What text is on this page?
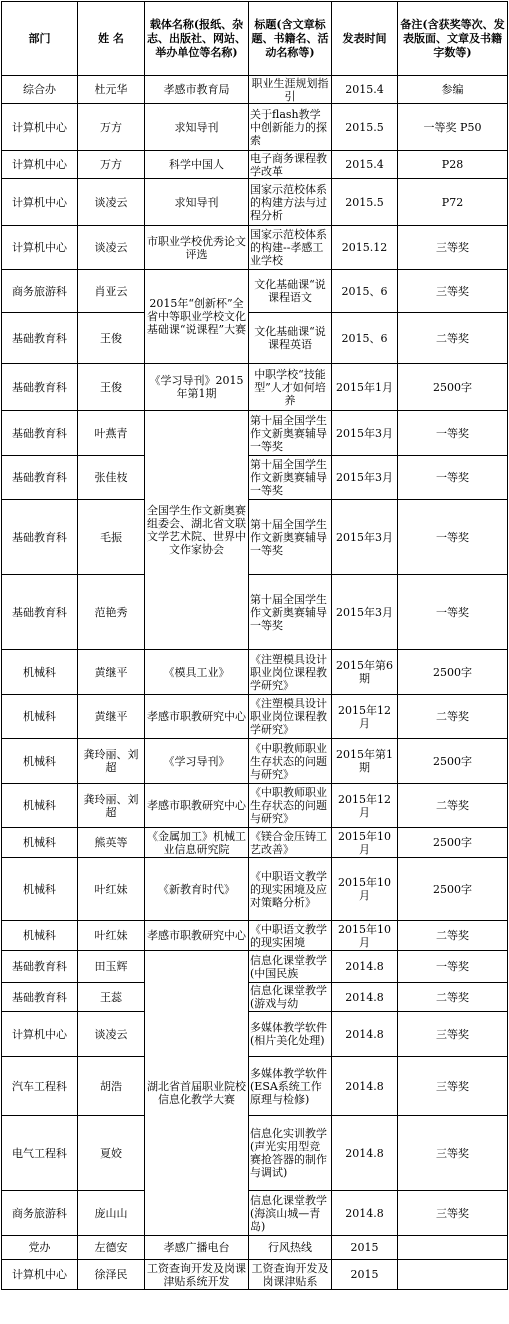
部门	姓 名	载体名称(报纸、杂志、出版社、网站、举办单位等名称)	标题(含文章标题、书籍名、活动名称等)	发表时间	备注(含获奖等次、发表版面、文章及书籍字数等)
综合办	杜元华	孝感市教育局	职业生涯规划指引	2015.4	参编
计算机中心	万方	求知导刊	关于flash教学中创新能力的探索	2015.5	一等奖 P50
计算机中心	万方	科学中国人	电子商务课程教学改革	2015.4	P28
计算机中心	谈凌云	求知导刊	国家示范校体系的构建方法与过程分析	2015.5	P72
计算机中心	谈凌云	市职业学校优秀论文评选	国家示范校体系的构建--孝感工业学校	2015.12	三等奖
商务旅游科	肖亚云	2015年“创新杯”全省中等职业学校文化基础课“说课程”大赛	文化基础课“说课程语文	2015、6	三等奖
基础教育科	王俊		文化基础课“说课程英语	2015、6	二等奖
基础教育科	王俊	《学习导刊》2015年第1期	中职学校“技能型”人才如何培养	2015年1月	2500字
基础教育科	叶燕青	全国学生作文新奥赛组委会、湖北省文联文学艺术院、世界中文作家协会	第十届全国学生作文新奥赛辅导一等奖	2015年3月	一等奖
基础教育科	张佳枝		第十届全国学生作文新奥赛辅导一等奖	2015年3月	一等奖
基础教育科	毛振		第十届全国学生作文新奥赛辅导一等奖	2015年3月	一等奖
基础教育科	范艳秀		第十届全国学生作文新奥赛辅导一等奖	2015年3月	一等奖
机械科	黄继平	《模具工业》	《注塑模具设计职业岗位课程教学研究》	2015年第6期	2500字
机械科	黄继平	孝感市职教研究中心	《注塑模具设计职业岗位课程教学研究》	2015年12月	二等奖
机械科	龚玲丽、刘超	《学习导刊》	《中职教师职业生存状态的问题与研究》	2015年第1期	2500字
机械科	龚玲丽、刘超	孝感市职教研究中心	《中职教师职业生存状态的问题与研究》	2015年12月	二等奖
机械科	熊英等	《金属加工》机械工业信息研究院	《镁合金压铸工艺改善》	2015年10月	2500字
机械科	叶红妹	《新教育时代》	《中职语文教学的现实困境及应对策略分析》	2015年10月	2500字
机械科	叶红妹	孝感市职教研究中心	《中职语文教学的现实困境	2015年10月	二等奖
基础教育科	田玉辉	湖北省首届职业院校信息化教学大赛	信息化课堂教学(中国民族	2014.8	一等奖
基础教育科	王蕊		信息化课堂教学(游戏与幼	2014.8	二等奖
计算机中心	谈凌云		多媒体教学软件(相片美化处理)	2014.8	三等奖
汽车工程科	胡浩		多媒体教学软件(ESA系统工作原理与检修)	2014.8	三等奖
电气工程科	夏姣		信息化实训教学(声光实用型竞赛抢答器的制作与调试)	2014.8	三等奖
商务旅游科	庞山山		信息化课堂教学(海滨山城—青岛)	2014.8	三等奖
党办	左德安	孝感广播电台	行风热线	2015	
计算机中心	徐泽民	工资查询开发及岗课津贴系统开发	工资查询开发及岗课津贴系	2015	
